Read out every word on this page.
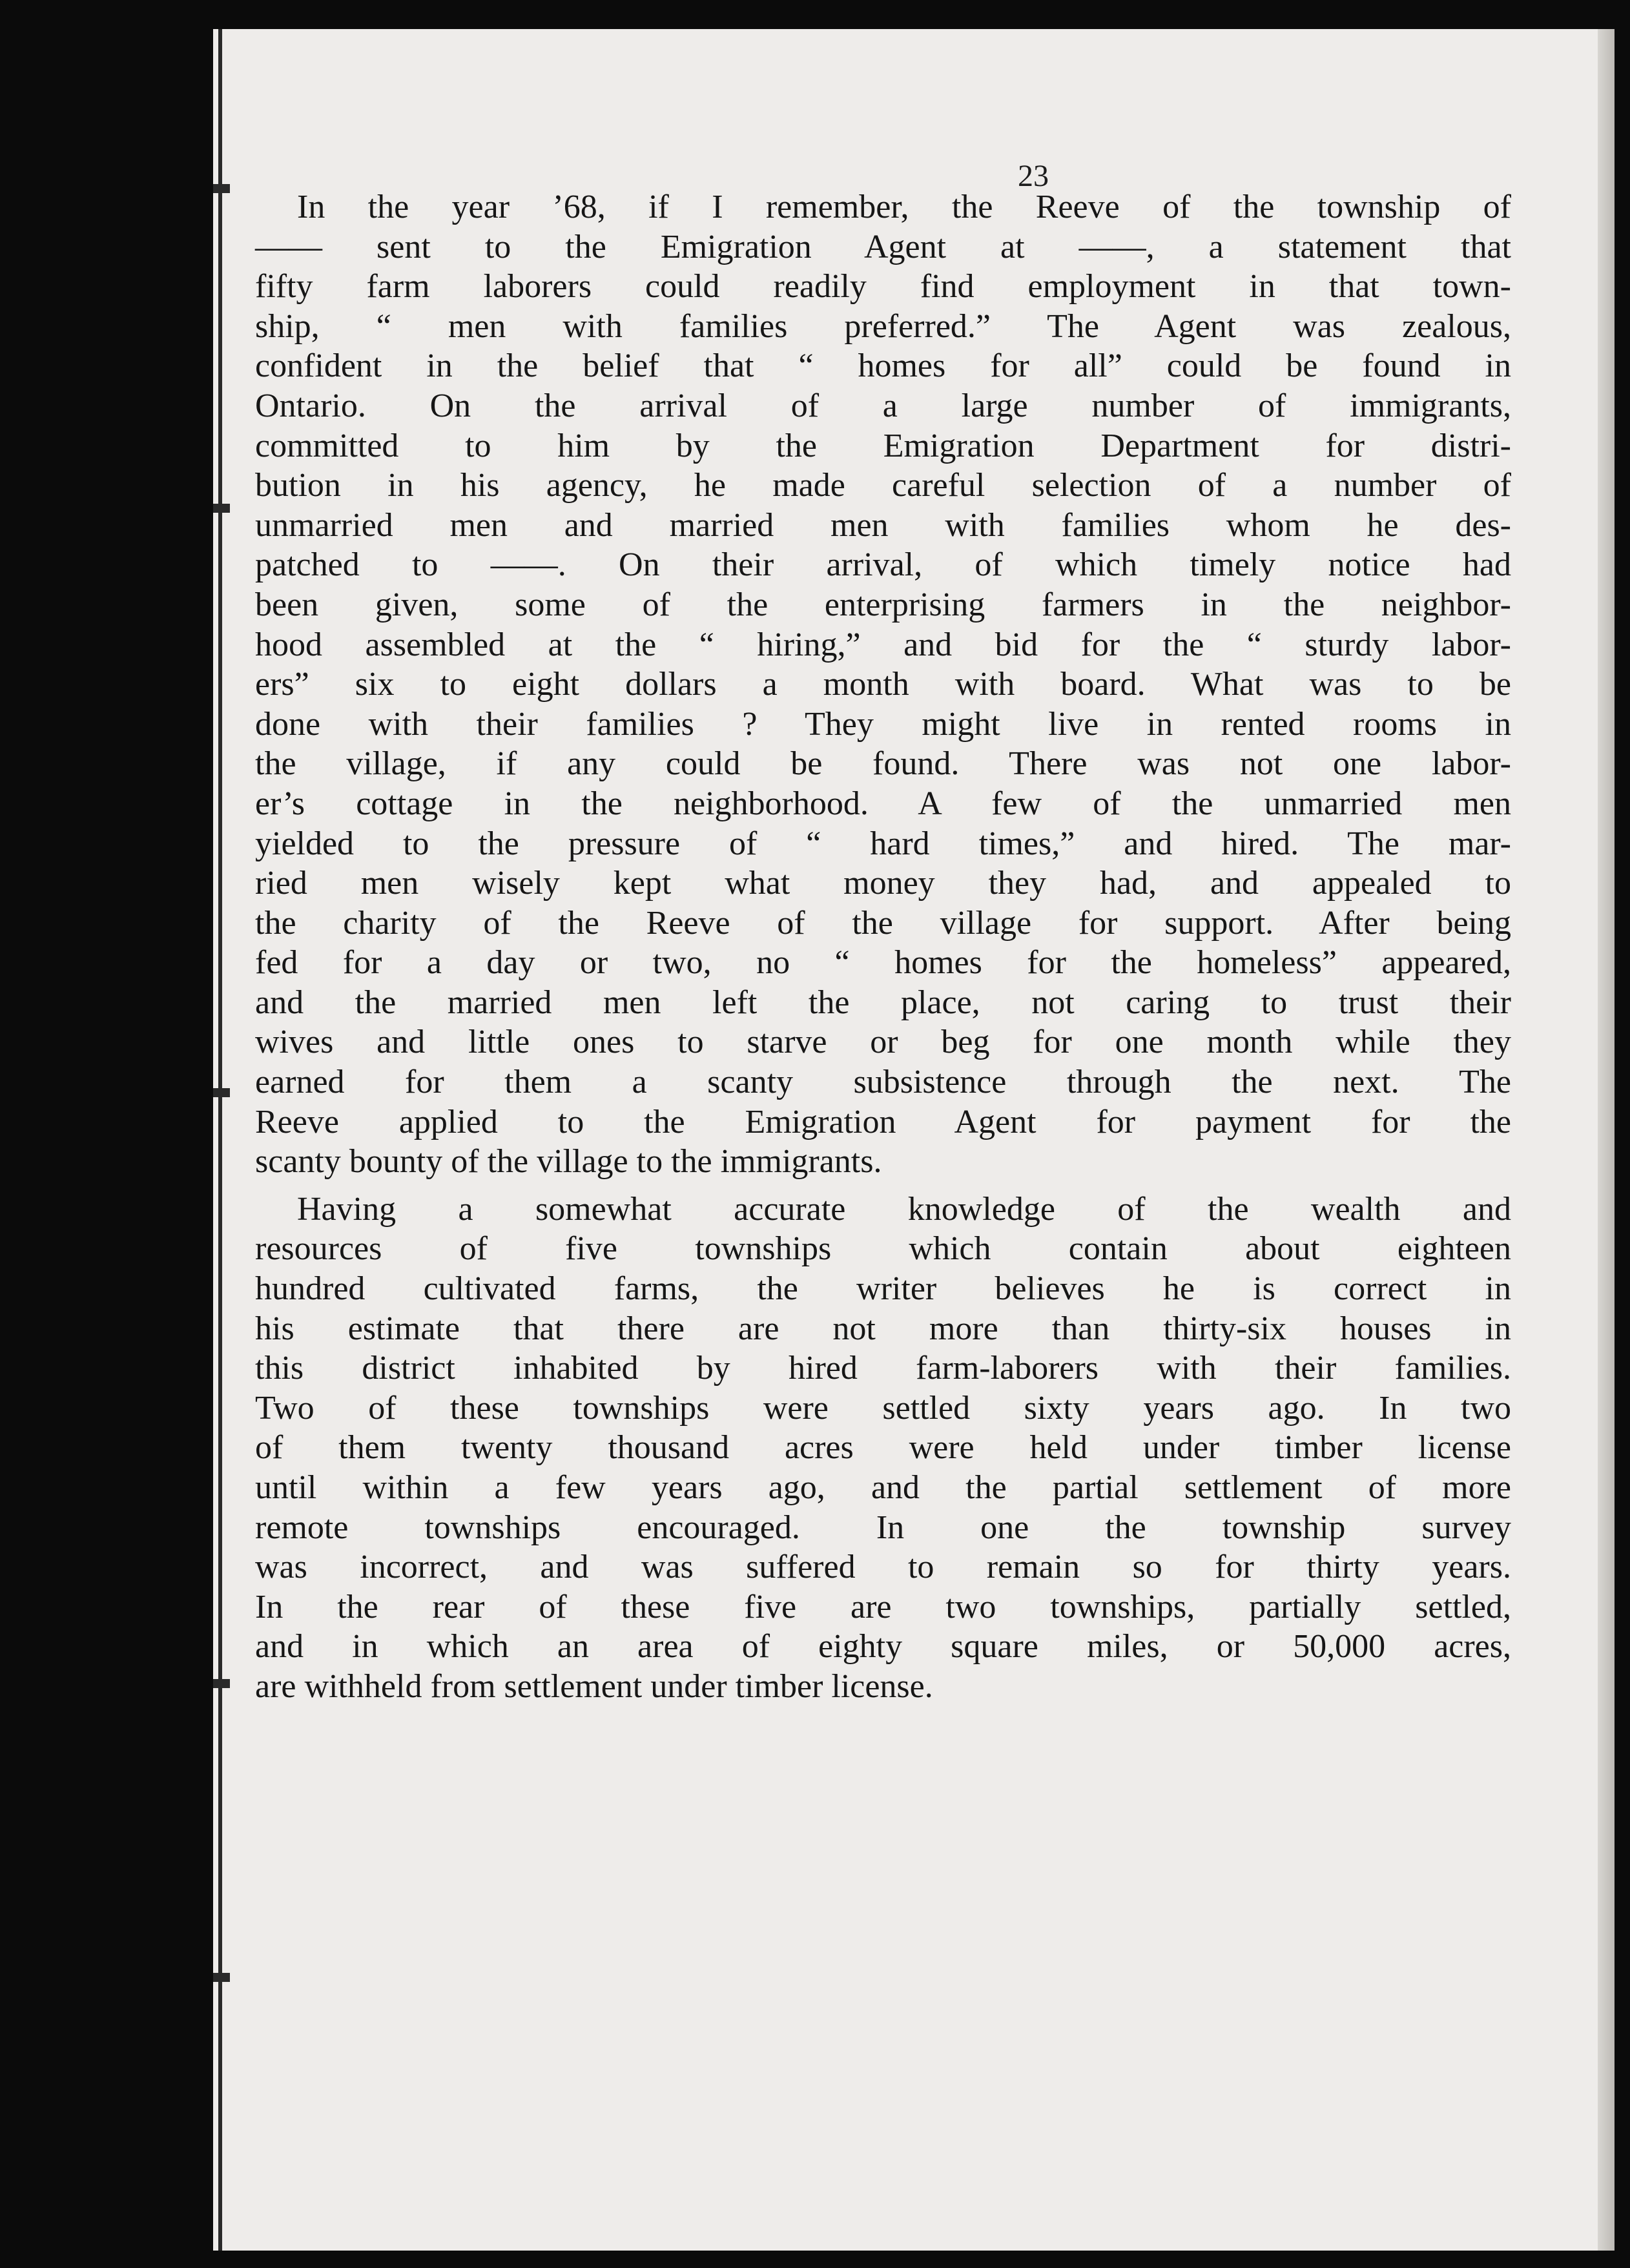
23

In the year ’68, if I remember, the Reeve of the township of

—— sent to the Emigration Agent at ——, a statement that

fifty farm laborers could readily find employment in that town-

ship, “ men with families preferred.” The Agent was zealous,

confident in the belief that “ homes for all” could be found in

Ontario. On the arrival of a large number of immigrants,

committed to him by the Emigration Department for distri-

bution in his agency, he made careful selection of a number of

unmarried men and married men with families whom he des-

patched to ——. On their arrival, of which timely notice had

been given, some of the enterprising farmers in the neighbor-

hood assembled at the “ hiring,” and bid for the “ sturdy labor-

ers” six to eight dollars a month with board. What was to be

done with their families ? They might live in rented rooms in

the village, if any could be found. There was not one labor-

er’s cottage in the neighborhood. A few of the unmarried men

yielded to the pressure of “ hard times,” and hired. The mar-

ried men wisely kept what money they had, and appealed to

the charity of the Reeve of the village for support. After being

fed for a day or two, no “ homes for the homeless” appeared,

and the married men left the place, not caring to trust their

wives and little ones to starve or beg for one month while they

earned for them a scanty subsistence through the next. The

Reeve applied to the Emigration Agent for payment for the

scanty bounty of the village to the immigrants.

Having a somewhat accurate knowledge of the wealth and

resources of five townships which contain about eighteen

hundred cultivated farms, the writer believes he is correct in

his estimate that there are not more than thirty-six houses in

this district inhabited by hired farm-laborers with their families.

Two of these townships were settled sixty years ago. In two

of them twenty thousand acres were held under timber license

until within a few years ago, and the partial settlement of more

remote townships encouraged. In one the township survey

was incorrect, and was suffered to remain so for thirty years.

In the rear of these five are two townships, partially settled,

and in which an area of eighty square miles, or 50,000 acres,

are withheld from settlement under timber license.
